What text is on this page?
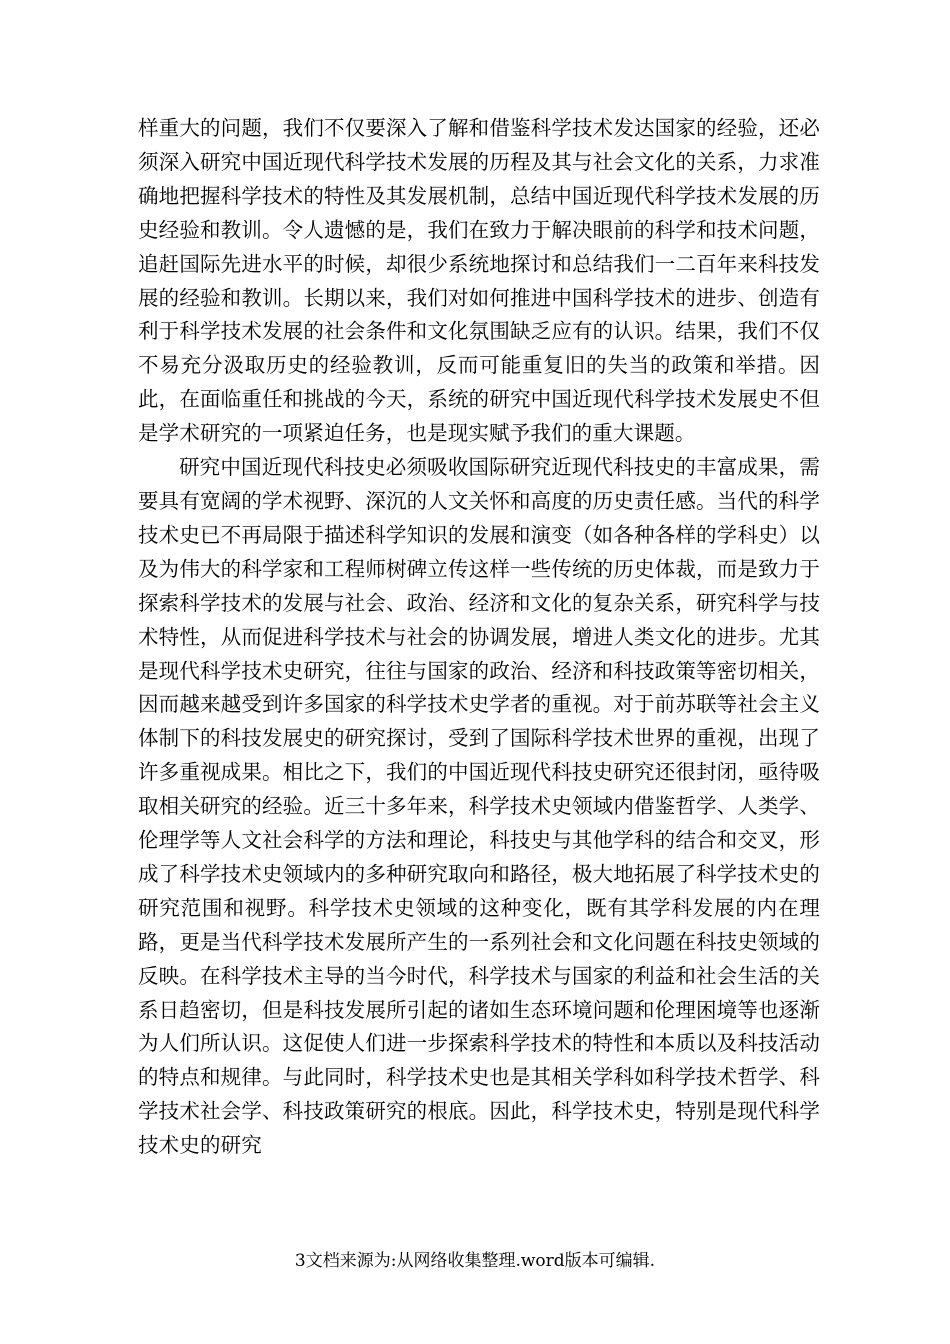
样重大的问题，我们不仅要深入了解和借鉴科学技术发达国家的经验，还必须深入研究中国近现代科学技术发展的历程及其与社会文化的关系，力求准确地把握科学技术的特性及其发展机制，总结中国近现代科学技术发展的历史经验和教训。令人遗憾的是，我们在致力于解决眼前的科学和技术问题，追赶国际先进水平的时候，却很少系统地探讨和总结我们一二百年来科技发展的经验和教训。长期以来，我们对如何推进中国科学技术的进步、创造有利于科学技术发展的社会条件和文化氛围缺乏应有的认识。结果，我们不仅不易充分汲取历史的经验教训，反而可能重复旧的失当的政策和举措。因此，在面临重任和挑战的今天，系统的研究中国近现代科学技术发展史不但是学术研究的一项紧迫任务，也是现实赋予我们的重大课题。

研究中国近现代科技史必须吸收国际研究近现代科技史的丰富成果，需要具有宽阔的学术视野、深沉的人文关怀和高度的历史责任感。当代的科学技术史已不再局限于描述科学知识的发展和演变（如各种各样的学科史）以及为伟大的科学家和工程师树碑立传这样一些传统的历史体裁，而是致力于探索科学技术的发展与社会、政治、经济和文化的复杂关系，研究科学与技术特性，从而促进科学技术与社会的协调发展，增进人类文化的进步。尤其是现代科学技术史研究，往往与国家的政治、经济和科技政策等密切相关，因而越来越受到许多国家的科学技术史学者的重视。对于前苏联等社会主义体制下的科技发展史的研究探讨，受到了国际科学技术世界的重视，出现了许多重视成果。相比之下，我们的中国近现代科技史研究还很封闭，亟待吸取相关研究的经验。近三十多年来，科学技术史领域内借鉴哲学、人类学、伦理学等人文社会科学的方法和理论，科技史与其他学科的结合和交叉，形成了科学技术史领域内的多种研究取向和路径，极大地拓展了科学技术史的研究范围和视野。科学技术史领域的这种变化，既有其学科发展的内在理路，更是当代科学技术发展所产生的一系列社会和文化问题在科技史领域的反映。在科学技术主导的当今时代，科学技术与国家的利益和社会生活的关系日趋密切，但是科技发展所引起的诸如生态环境问题和伦理困境等也逐渐为人们所认识。这促使人们进一步探索科学技术的特性和本质以及科技活动的特点和规律。与此同时，科学技术史也是其相关学科如科学技术哲学、科学技术社会学、科技政策研究的根底。因此，科学技术史，特别是现代科学技术史的研究

3文档来源为:从网络收集整理.word版本可编辑.
